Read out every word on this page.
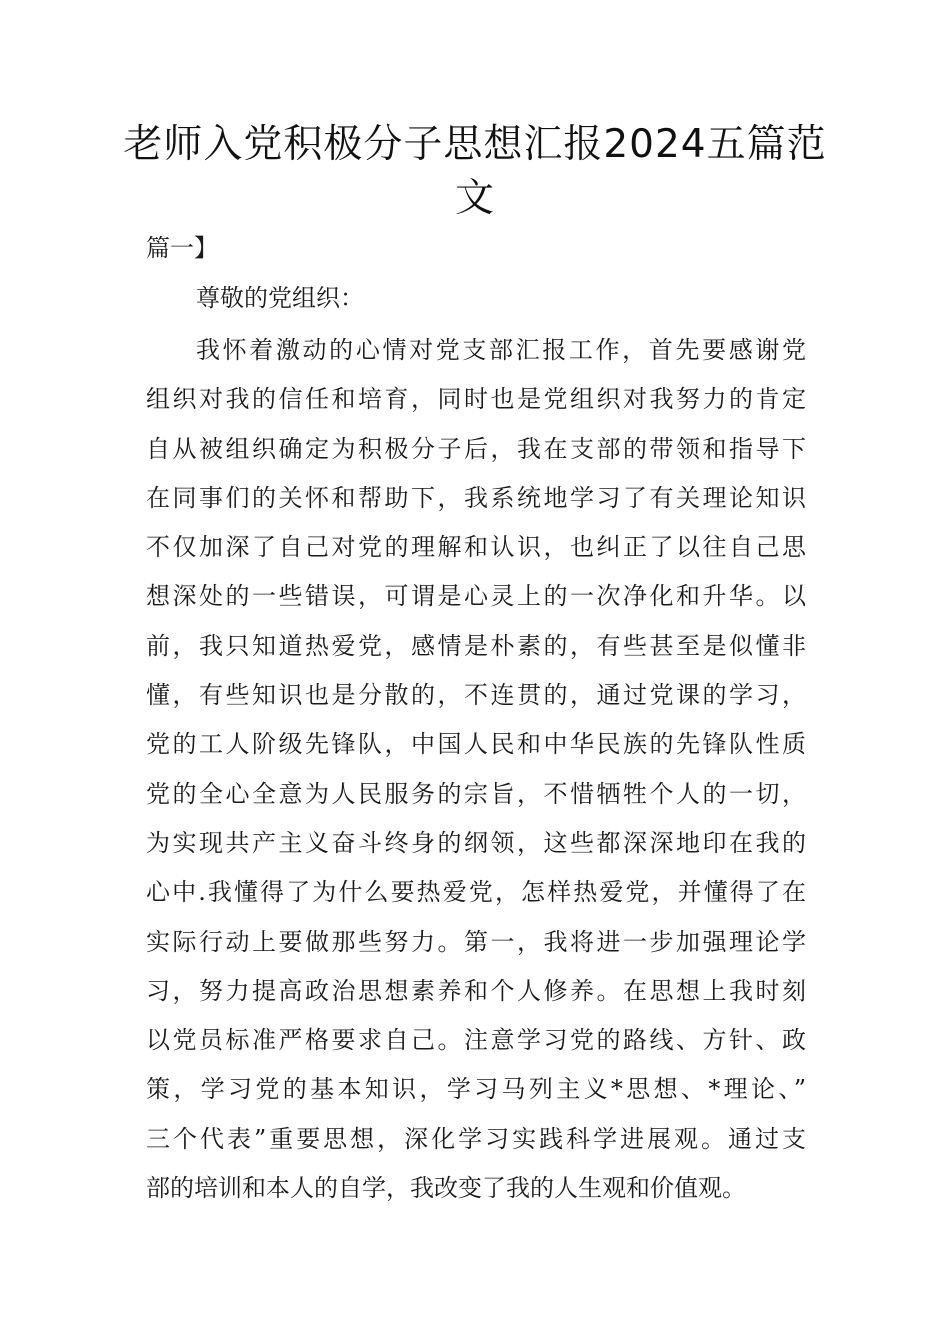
老师入党积极分子思想汇报2024五篇范文
篇一】
尊敬的党组织：
我怀着激动的心情对党支部汇报工作，首先要感谢党
组织对我的信任和培育，同时也是党组织对我努力的肯定
自从被组织确定为积极分子后，我在支部的带领和指导下
在同事们的关怀和帮助下，我系统地学习了有关理论知识
不仅加深了自己对党的理解和认识，也纠正了以往自己思
想深处的一些错误，可谓是心灵上的一次净化和升华。以
前，我只知道热爱党，感情是朴素的，有些甚至是似懂非
懂，有些知识也是分散的，不连贯的，通过党课的学习，
党的工人阶级先锋队，中国人民和中华民族的先锋队性质
党的全心全意为人民服务的宗旨，不惜牺牲个人的一切，
为实现共产主义奋斗终身的纲领，这些都深深地印在我的
心中.我懂得了为什么要热爱党，怎样热爱党，并懂得了在
实际行动上要做那些努力。第一，我将进一步加强理论学
习，努力提高政治思想素养和个人修养。在思想上我时刻
以党员标准严格要求自己。注意学习党的路线、方针、政
策，学习党的基本知识，学习马列主义*思想、*理论、”
三个代表”重要思想，深化学习实践科学进展观。通过支
部的培训和本人的自学，我改变了我的人生观和价值观。
